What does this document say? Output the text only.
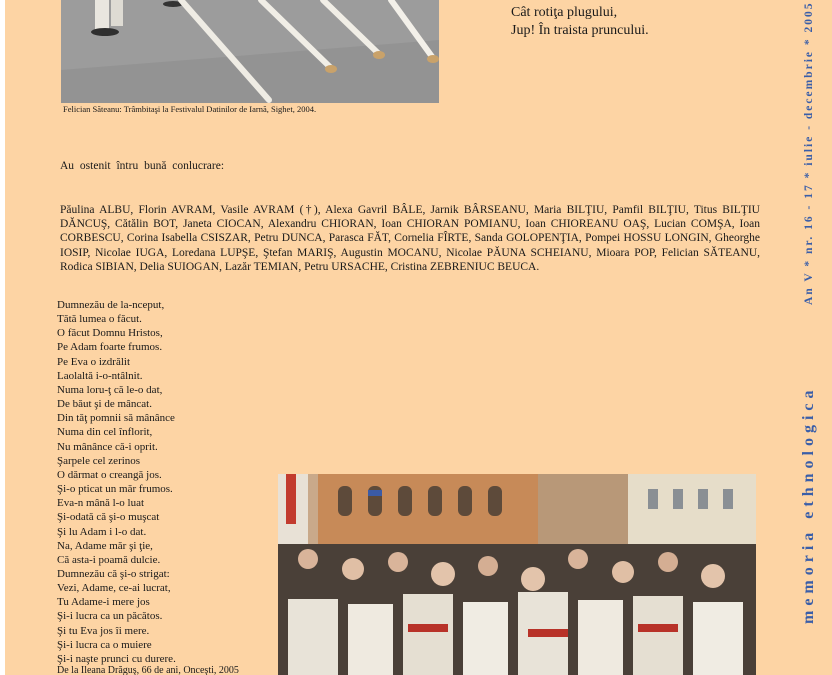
Felician Săteanu: Trâmbitaşi la Festivalul Datinilor de Iarnă, Sighet, 2004.
Cât rotiţa plugului,
Jup! În traista pruncului.
Au ostenit întru bună conlucrare:
Păulina ALBU, Florin AVRAM, Vasile AVRAM (†), Alexa Gavril BÂLE, Jarnik BÂRSEANU, Maria BILŢIU, Pamfil BILŢIU, Titus BILŢIU DĂNCUŞ, Cătălin BOT, Janeta CIOCAN, Alexandru CHIORAN, Ioan CHIORAN POMIANU, Ioan CHIOREANU OAŞ, Lucian COMŞA, Ioan CORBESCU, Corina Isabella CSISZAR, Petru DUNCA, Parasca FĂT, Cornelia FÎRTE, Sanda GOLOPENŢIA, Pompei HOSSU LONGIN, Gheorghe IOSIP, Nicolae IUGA, Loredana LUPŞE, Ştefan MARIŞ, Augustin MOCANU, Nicolae PĂUNA SCHEIANU, Mioara POP, Felician SĂTEANU, Rodica SIBIAN, Delia SUIOGAN, Lazăr TEMIAN, Petru URSACHE, Cristina ZEBRENIUC BEUCA.
Dumnezău de la-nceput,
Tătă lumea o făcut.
O făcut Domnu Hristos,
Pe Adam foarte frumos.
Pe Eva o izdrălit
Laolaltă i-o-ntâlnit.
Numa loru-ţ că le-o dat,
De băut şi de mâncat.
Din tăţ pomnii să mânânce
Numa din cel înflorit,
Nu mânânce că-i oprit.
Şarpele cel zerinos
O dărmat o creangă jos.
Şi-o pticat un măr frumos.
Eva-n mână l-o luat
Şi-odată că şi-o muşcat
Şi lu Adam i l-o dat.
Na, Adame măr şi ţie,
Că asta-i poamă dulcie.
Dumnezău că şi-o strigat:
Vezi, Adame, ce-ai lucrat,
Tu Adame-i mere jos
Şi-i lucra ca un păcătos.
Şi tu Eva jos îi mere.
Şi-i lucra ca o muiere
Şi-i naşte prunci cu durere.
De la Ileana Drăguş, 66 de ani, Onceşti, 2005
An V * nr. 16 - 17 * iulie - decembrie * 2005
memoria ethnologica
